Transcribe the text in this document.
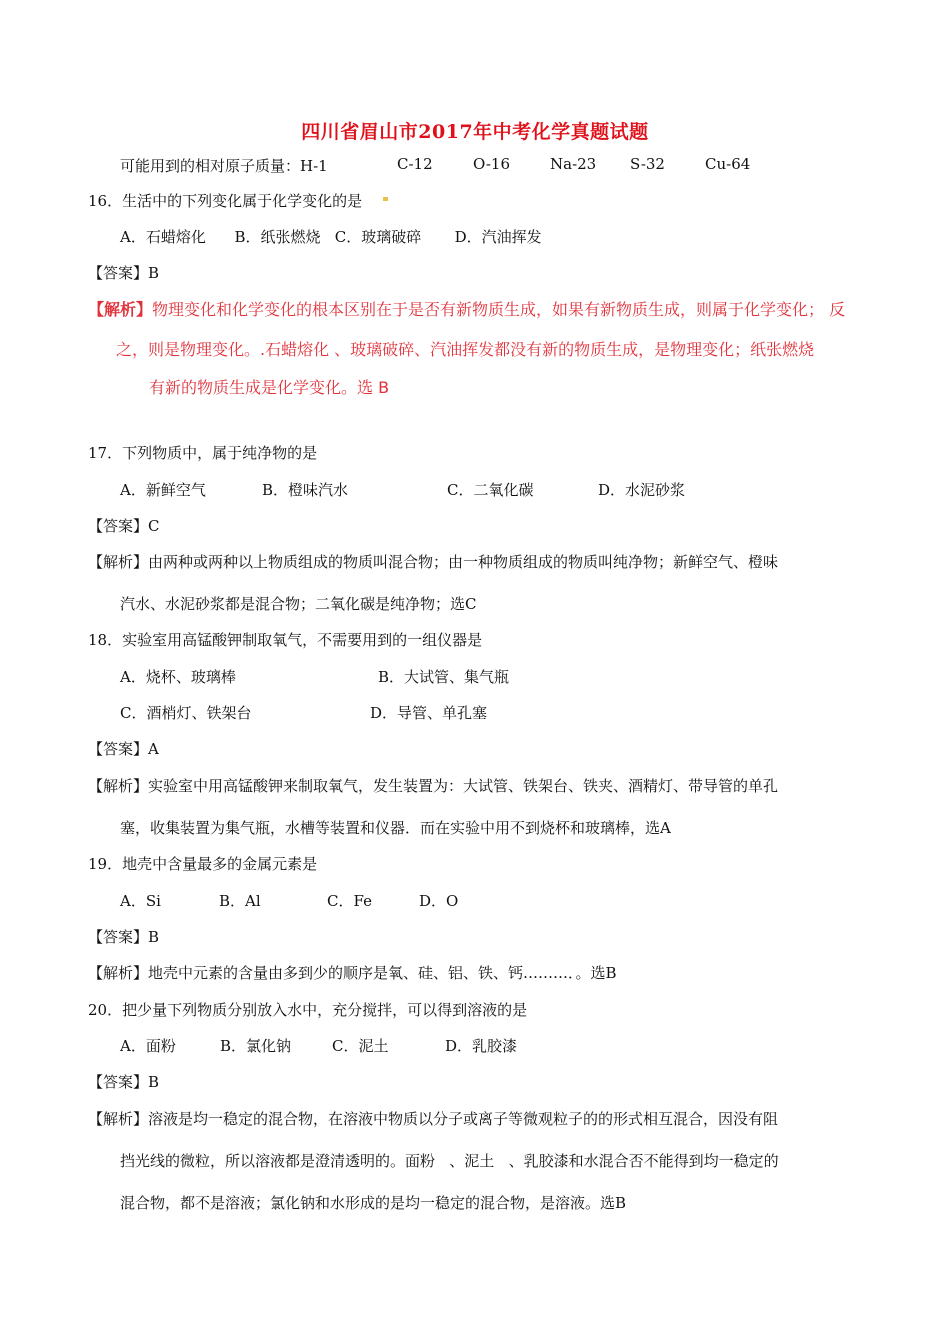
四川省眉山市2017年中考化学真题试题
可能用到的相对原子质量：H-1	C-12	O-16	Na-23 S-32	Cu-64
16．生活中的下列变化属于化学变化的是
A．石蜡熔化      B．纸张燃烧   C．玻璃破碎       D．汽油挥发
【答案】B
【解析】物理变化和化学变化的根本区别在于是否有新物质生成，如果有新物质生成，则属于化学变化； 反
之，则是物理变化。.石蜡熔化 、玻璃破碎、汽油挥发都没有新的物质生成，是物理变化；纸张燃烧
有新的物质生成是化学变化。选 B
17．下列物质中，属于纯净物的是
A．新鲜空气	B．橙味汽水	C．二氧化碳	D．水泥砂浆
【答案】C
【解析】由两种或两种以上物质组成的物质叫混合物；由一种物质组成的物质叫纯净物；新鲜空气、橙味
汽水、水泥砂浆都是混合物；二氧化碳是纯净物；选C
18．实验室用高锰酸钾制取氧气，不需要用到的一组仪器是
A．烧杯、玻璃棒	B．大试管、集气瓶
C．酒梢灯、铁架台	D．导管、单孔塞
【答案】A
【解析】实验室中用高锰酸钾来制取氧气，发生装置为：大试管、铁架台、铁夹、酒精灯、带导管的单孔
塞，收集装置为集气瓶，水槽等装置和仪器．而在实验中用不到烧杯和玻璃棒，选A
19．地壳中含量最多的金属元素是
A．Si	B．Al	C．Fe	D．O
【答案】B
【解析】地壳中元素的含量由多到少的顺序是氧、硅、铝、铁、钙………．。选B
20．把少量下列物质分别放入水中，充分搅拌，可以得到溶液的是
A．面粉	B．氯化钠	C．泥土	D．乳胶漆
【答案】B
【解析】溶液是均一稳定的混合物，在溶液中物质以分子或离子等微观粒子的的形式相互混合，因没有阻
挡光线的微粒，所以溶液都是澄清透明的。面粉   、泥土   、乳胶漆和水混合否不能得到均一稳定的
混合物，都不是溶液；氯化钠和水形成的是均一稳定的混合物，是溶液。选B
